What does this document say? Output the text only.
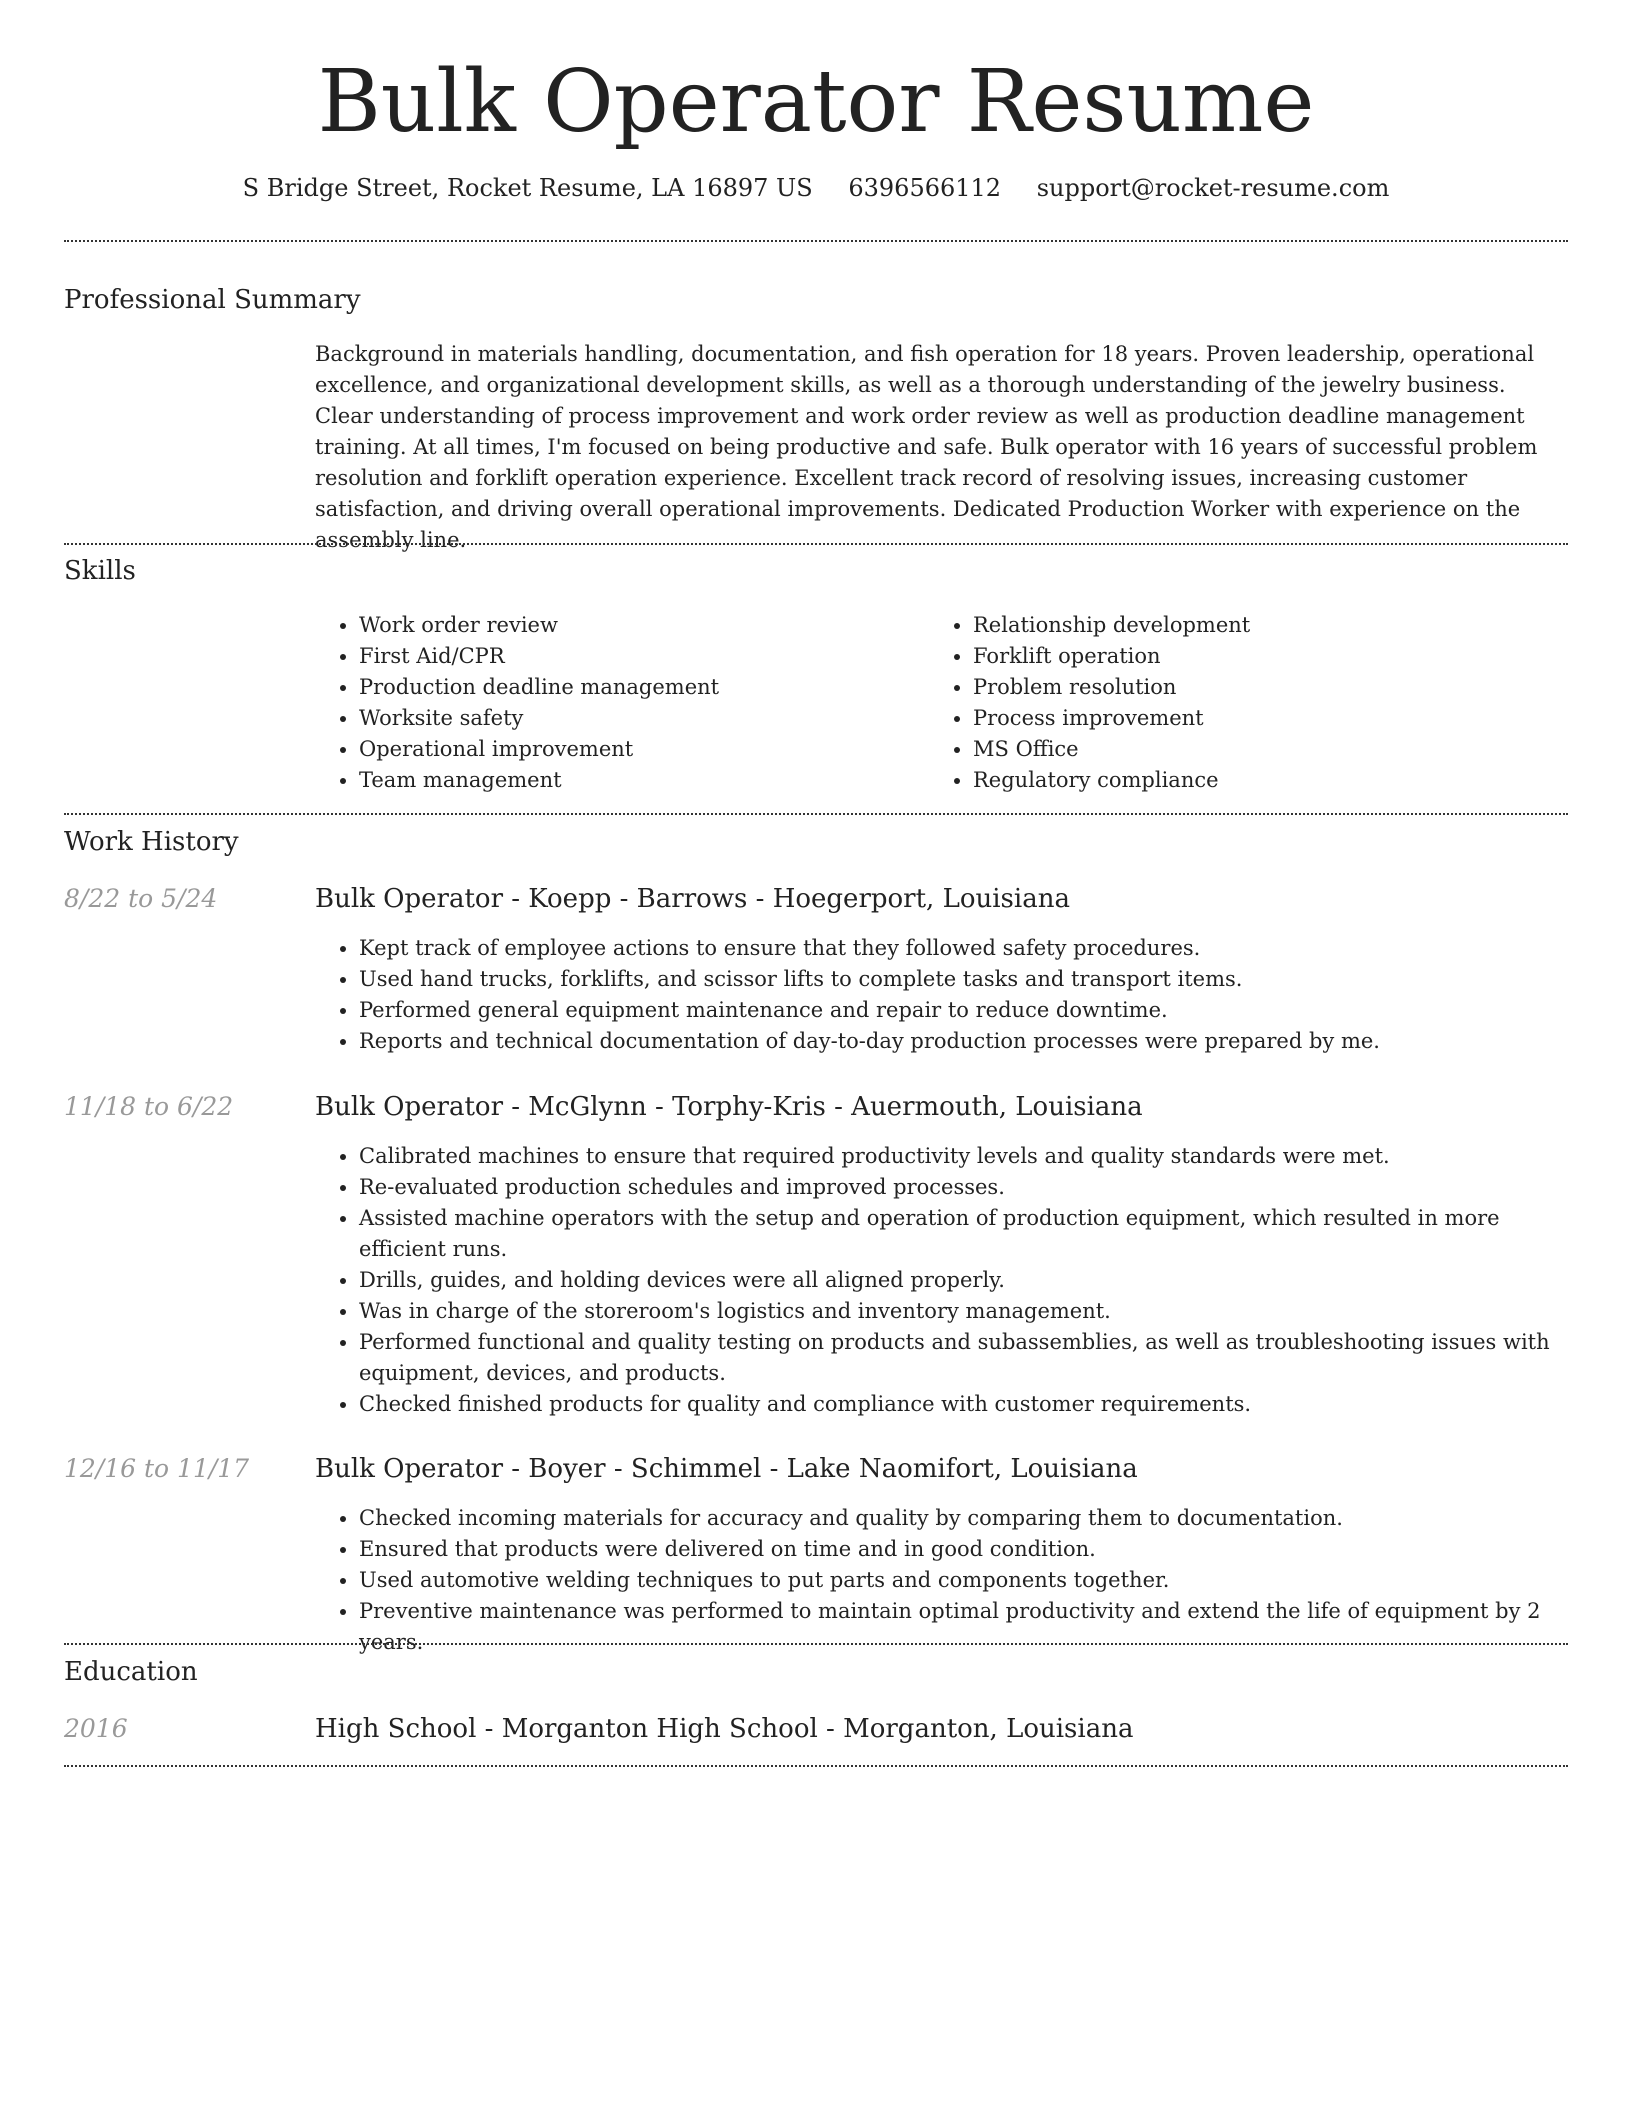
Bulk Operator Resume
S Bridge Street, Rocket Resume, LA 16897 US 6396566112 support@rocket-resume.com
Professional Summary

Background in materials handling, documentation, and fish operation for 18 years. Proven leadership, operational excellence, and organizational development skills, as well as a thorough understanding of the jewelry business. Clear understanding of process improvement and work order review as well as production deadline management training. At all times, I'm focused on being productive and safe. Bulk operator with 16 years of successful problem resolution and forklift operation experience. Excellent track record of resolving issues, increasing customer satisfaction, and driving overall operational improvements. Dedicated Production Worker with experience on the assembly line.

Skills
• Work order review
• First Aid/CPR
• Production deadline management
• Worksite safety
• Operational improvement
• Team management
• Relationship development
• Forklift operation
• Problem resolution
• Process improvement
• MS Office
• Regulatory compliance
Work History
8/22 to 5/24	Bulk Operator - Koepp - Barrows - Hoegerport, Louisiana
• Kept track of employee actions to ensure that they followed safety procedures.
• Used hand trucks, forklifts, and scissor lifts to complete tasks and transport items.
• Performed general equipment maintenance and repair to reduce downtime.
• Reports and technical documentation of day-to-day production processes were prepared by me.
11/18 to 6/22	Bulk Operator - McGlynn - Torphy-Kris - Auermouth, Louisiana
• Calibrated machines to ensure that required productivity levels and quality standards were met.
• Re-evaluated production schedules and improved processes.
• Assisted machine operators with the setup and operation of production equipment, which resulted in more efficient runs.
• Drills, guides, and holding devices were all aligned properly.
• Was in charge of the storeroom's logistics and inventory management.
• Performed functional and quality testing on products and subassemblies, as well as troubleshooting issues with equipment, devices, and products.
• Checked finished products for quality and compliance with customer requirements.
12/16 to 11/17	Bulk Operator - Boyer - Schimmel - Lake Naomifort, Louisiana
• Checked incoming materials for accuracy and quality by comparing them to documentation.
• Ensured that products were delivered on time and in good condition.
• Used automotive welding techniques to put parts and components together.
• Preventive maintenance was performed to maintain optimal productivity and extend the life of equipment by 2 years.
Education
2016	High School - Morganton High School - Morganton, Louisiana
